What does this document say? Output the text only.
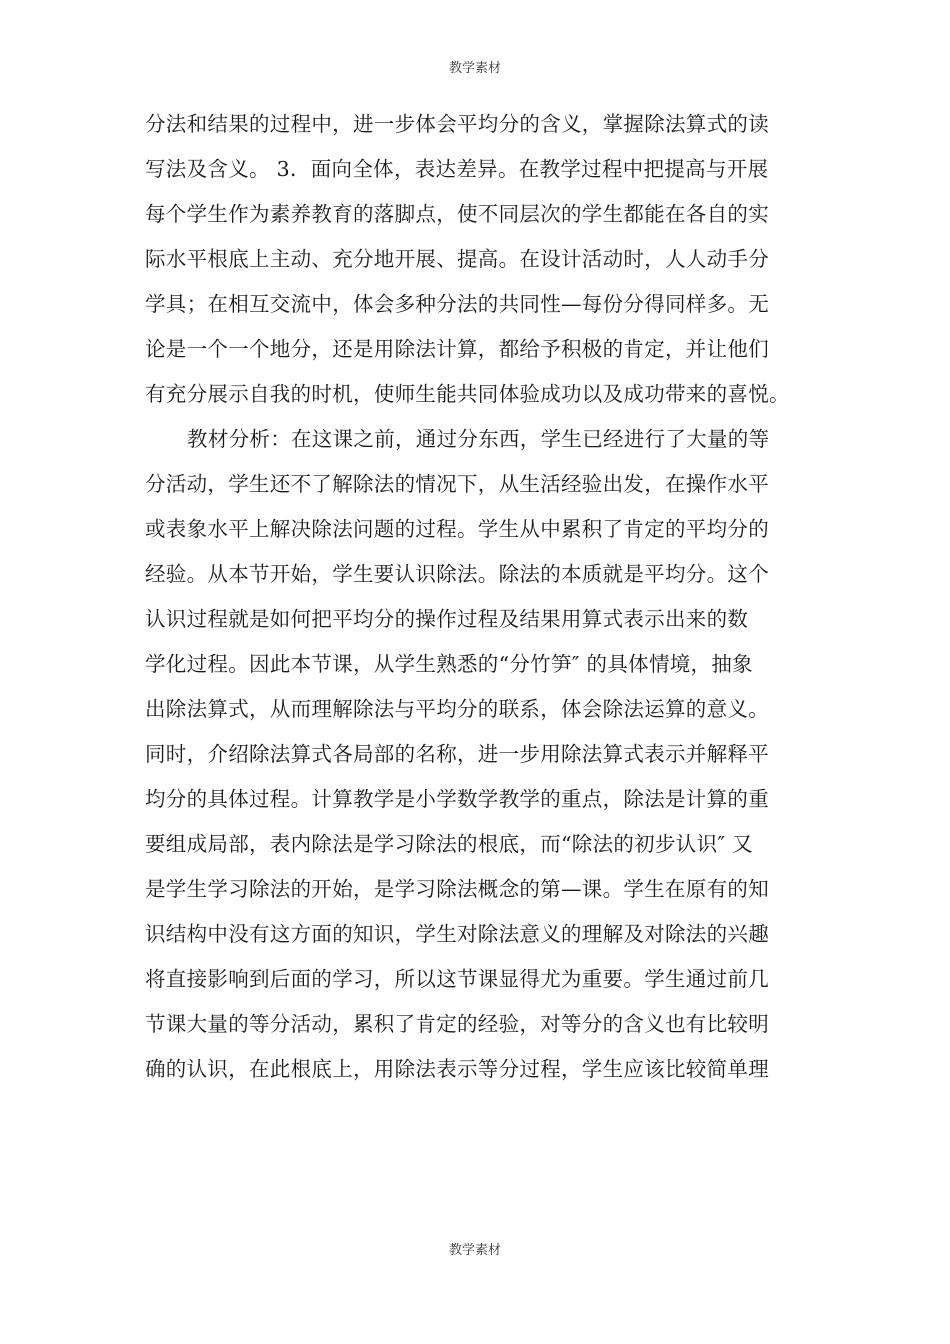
教学素材
分法和结果的过程中，进一步体会平均分的含义，掌握除法算式的读
写法及含义。 3．面向全体，表达差异。在教学过程中把提高与开展
每个学生作为素养教育的落脚点，使不同层次的学生都能在各自的实
际水平根底上主动、充分地开展、提高。在设计活动时，人人动手分
学具；在相互交流中，体会多种分法的共同性—每份分得同样多。无
论是一个一个地分，还是用除法计算，都给予积极的肯定，并让他们
有充分展示自我的时机，使师生能共同体验成功以及成功带来的喜悦。
教材分析：在这课之前，通过分东西，学生已经进行了大量的等
分活动，学生还不了解除法的情况下，从生活经验出发，在操作水平
或表象水平上解决除法问题的过程。学生从中累积了肯定的平均分的
经验。从本节开始，学生要认识除法。除法的本质就是平均分。这个
认识过程就是如何把平均分的操作过程及结果用算式表示出来的数
学化过程。因此本节课，从学生熟悉的“分竹笋″ 的具体情境，抽象
出除法算式，从而理解除法与平均分的联系，体会除法运算的意义。
同时，介绍除法算式各局部的名称，进一步用除法算式表示并解释平
均分的具体过程。计算教学是小学数学教学的重点，除法是计算的重
要组成局部，表内除法是学习除法的根底，而“除法的初步认识″ 又
是学生学习除法的开始，是学习除法概念的第—课。学生在原有的知
识结构中没有这方面的知识，学生对除法意义的理解及对除法的兴趣
将直接影响到后面的学习，所以这节课显得尤为重要。学生通过前几
节课大量的等分活动，累积了肯定的经验，对等分的含义也有比较明
确的认识，在此根底上，用除法表示等分过程，学生应该比较简单理
教学素材
